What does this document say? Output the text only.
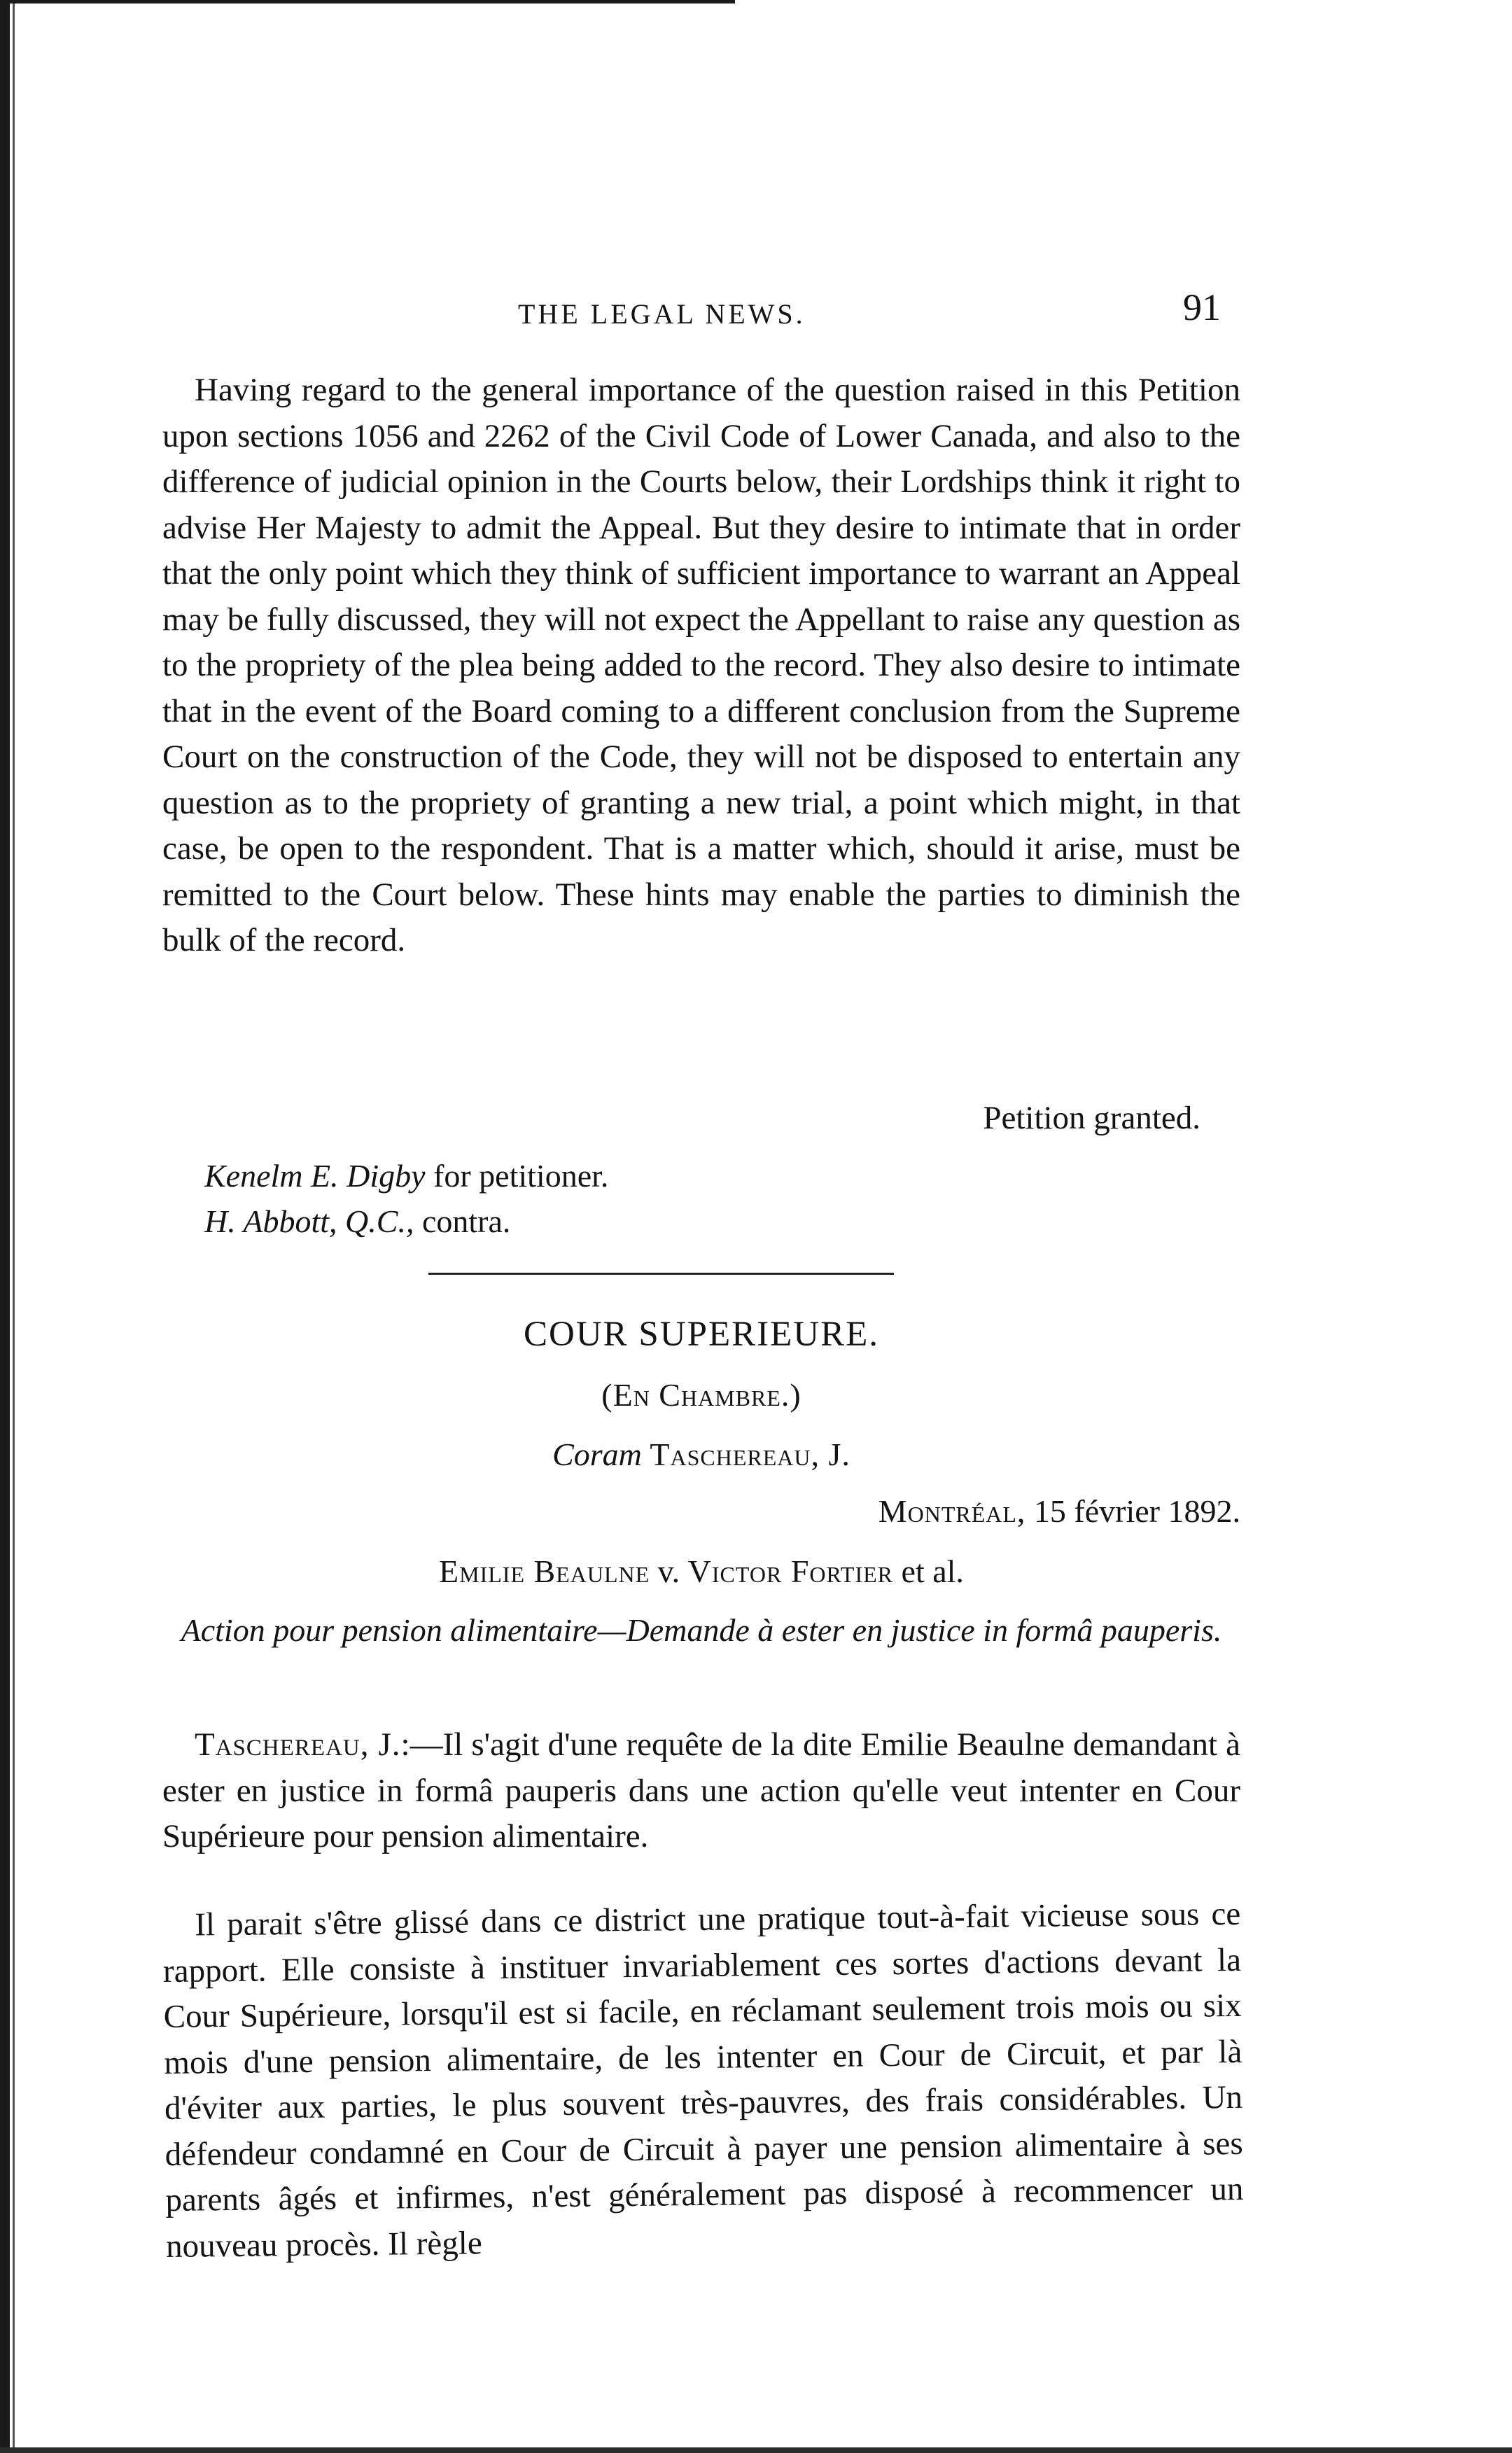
THE LEGAL NEWS.	91

Having regard to the general importance of the question raised in this Petition upon sections 1056 and 2262 of the Civil Code of Lower Canada, and also to the difference of judicial opinion in the Courts below, their Lordships think it right to advise Her Majesty to admit the Appeal. But they desire to intimate that in order that the only point which they think of sufficient importance to warrant an Appeal may be fully discussed, they will not expect the Appellant to raise any question as to the propriety of the plea being added to the record. They also desire to intimate that in the event of the Board coming to a different conclusion from the Supreme Court on the construction of the Code, they will not be disposed to entertain any question as to the propriety of granting a new trial, a point which might, in that case, be open to the respondent. That is a matter which, should it arise, must be remitted to the Court below. These hints may enable the parties to diminish the bulk of the record.

Petition granted.
Kenelm E. Digby for petitioner.
H. Abbott, Q.C., contra.
COUR SUPERIEURE.
(En Chambre.)
Coram Taschereau, J.
Montréal, 15 février 1892.
Emilie Beaulne v. Victor Fortier et al.

Action pour pension alimentaire—Demande à ester en justice in formâ pauperis.

Taschereau, J.:—Il s'agit d'une requête de la dite Emilie Beaulne demandant à ester en justice in formâ pauperis dans une action qu'elle veut intenter en Cour Supérieure pour pension alimentaire.

Il parait s'être glissé dans ce district une pratique tout-à-fait vicieuse sous ce rapport. Elle consiste à instituer invariablement ces sortes d'actions devant la Cour Supérieure, lorsqu'il est si facile, en réclamant seulement trois mois ou six mois d'une pension alimentaire, de les intenter en Cour de Circuit, et par là d'éviter aux parties, le plus souvent très-pauvres, des frais considérables. Un défendeur condamné en Cour de Circuit à payer une pension alimentaire à ses parents âgés et infirmes, n'est généralement pas disposé à recommencer un nouveau procès. Il règle
